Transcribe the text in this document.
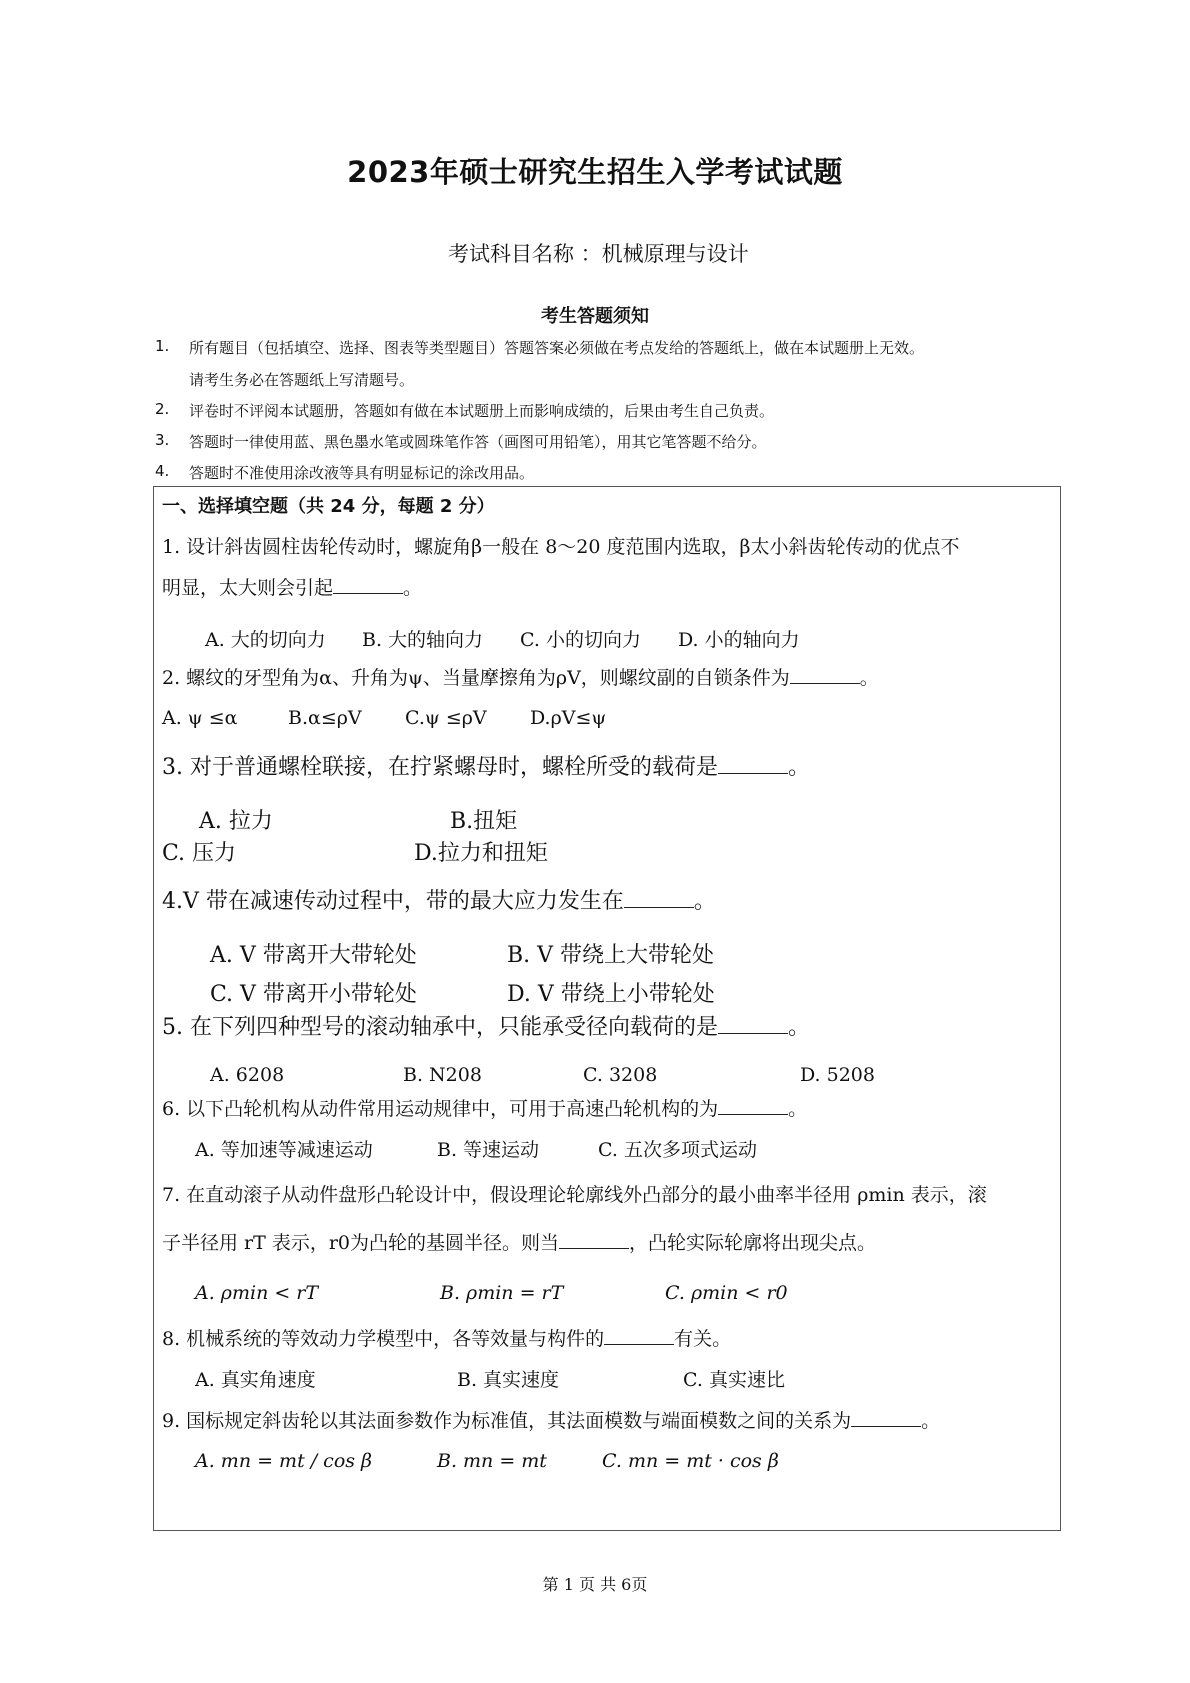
2023年硕士研究生招生入学考试试题
考试科目名称 ：机械原理与设计
考生答题须知
1. 所有题目（包括填空、选择、图表等类型题目）答题答案必须做在考点发给的答题纸上，做在本试题册上无效。
请考生务必在答题纸上写清题号。
2. 评卷时不评阅本试题册，答题如有做在本试题册上而影响成绩的，后果由考生自己负责。
3. 答题时一律使用蓝、黑色墨水笔或圆珠笔作答（画图可用铅笔），用其它笔答题不给分。
4. 答题时不准使用涂改液等具有明显标记的涂改用品。
一、选择填空题（共 24 分，每题 2 分）
1. 设计斜齿圆柱齿轮传动时，螺旋角β一般在 8～20 度范围内选取，β太小斜齿轮传动的优点不
明显，太大则会引起	。
A. 大的切向力 B. 大的轴向力 C. 小的切向力 D. 小的轴向力
2. 螺纹的牙型角为α、升角为ψ、当量摩擦角为ρV，则螺纹副的自锁条件为	。
A. ψ ≤α	B.α≤ρV C.ψ ≤ρV D.ρV≤ψ
3. 对于普通螺栓联接，在拧紧螺母时，螺栓所受的载荷是	。
A. 拉力	B.扭矩
C. 压力	D.拉力和扭矩
4.V 带在减速传动过程中，带的最大应力发生在	。
A. V 带离开大带轮处	B. V 带绕上大带轮处
C. V 带离开小带轮处	D. V 带绕上小带轮处
5. 在下列四种型号的滚动轴承中，只能承受径向载荷的是	。
A. 6208	B. N208	C. 3208	D. 5208
6. 以下凸轮机构从动件常用运动规律中，可用于高速凸轮机构的为	。
A. 等加速等减速运动	B. 等速运动	C. 五次多项式运动
7. 在直动滚子从动件盘形凸轮设计中，假设理论轮廓线外凸部分的最小曲率半径用 ρmin 表示，滚
子半径用 rT 表示，r0为凸轮的基圆半径。则当	，凸轮实际轮廓将出现尖点。
A. ρmin < rT	B. ρmin = rT	C. ρmin < r0
8. 机械系统的等效动力学模型中，各等效量与构件的	有关。
A. 真实角速度	B. 真实速度	C. 真实速比
9. 国标规定斜齿轮以其法面参数作为标准值，其法面模数与端面模数之间的关系为	。
A. mn = mt / cos β	B. mn = mt	C. mn = mt · cos β
第 1 页 共 6页
